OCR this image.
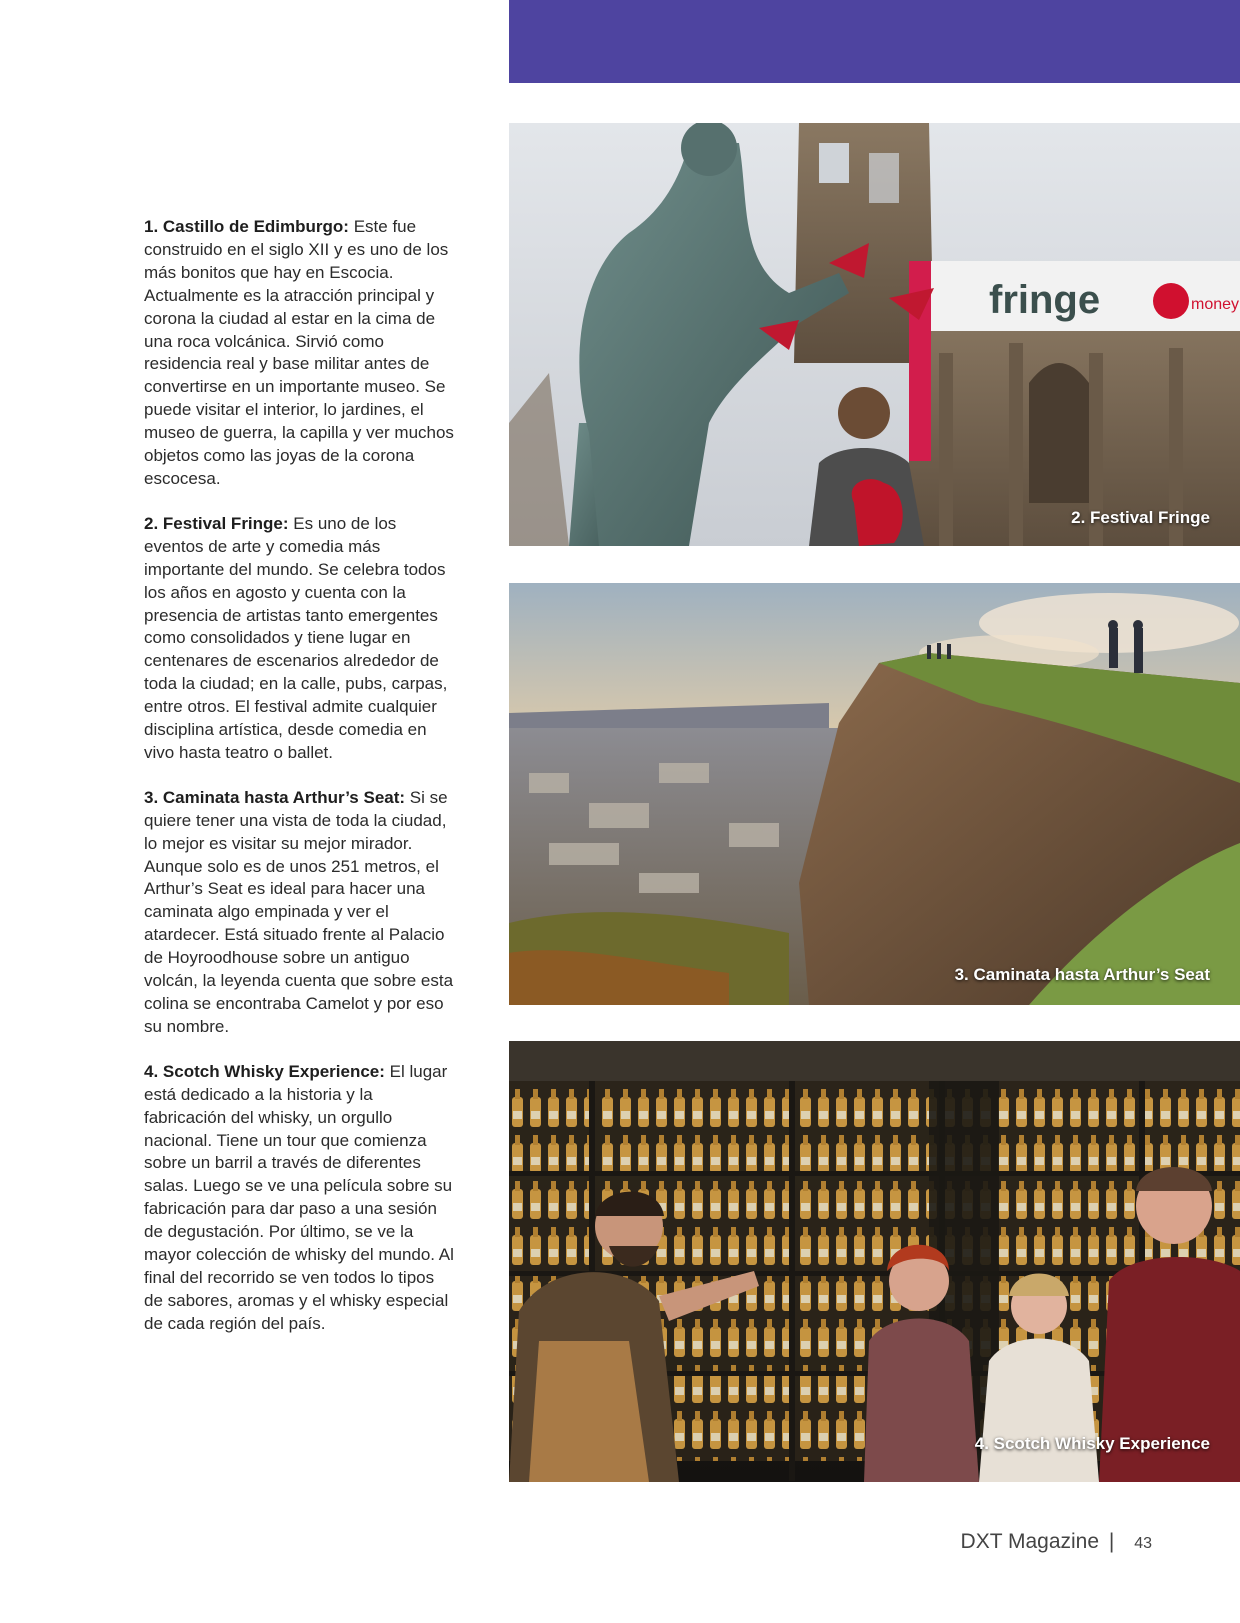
1. Castillo de Edimburgo: Este fue construido en el siglo XII y es uno de los más bonitos que hay en Escocia. Actualmente es la atracción principal y corona la ciudad al estar en la cima de una roca volcánica. Sirvió como residencia real y base militar antes de convertirse en un importante museo. Se puede visitar el interior, lo jardines, el museo de guerra, la capilla y ver muchos objetos como las joyas de la corona escocesa.

2. Festival Fringe: Es uno de los eventos de arte y comedia más importante del mundo. Se celebra todos los años en agosto y cuenta con la presencia de artistas tanto emergentes como consolidados y tiene lugar en centenares de escenarios alrededor de toda la ciudad; en la calle, pubs, carpas, entre otros. El festival admite cualquier disciplina artística, desde comedia en vivo hasta teatro o ballet.

3. Caminata hasta Arthur’s Seat: Si se quiere tener una vista de toda la ciudad, lo mejor es visitar su mejor mirador. Aunque solo es de unos 251 metros, el Arthur’s Seat es ideal para hacer una caminata algo empinada y ver el atardecer. Está situado frente al Palacio de Hoyroodhouse sobre un antiguo volcán, la leyenda cuenta que sobre esta colina se encontraba Camelot y por eso su nombre.

4. Scotch Whisky Experience: El lugar está dedicado a la historia y la fabricación del whisky, un orgullo nacional. Tiene un tour que comienza sobre un barril a través de diferentes salas. Luego se ve una película sobre su fabricación para dar paso a una sesión de degustación. Por último, se ve la mayor colección de whisky del mundo. Al final del recorrido se ven todos lo tipos de sabores, aromas y el whisky especial de cada región del país.

fringe	money
2. Festival Fringe
3. Caminata hasta Arthur’s Seat
4. Scotch Whisky Experience
DXT Magazine | 43
